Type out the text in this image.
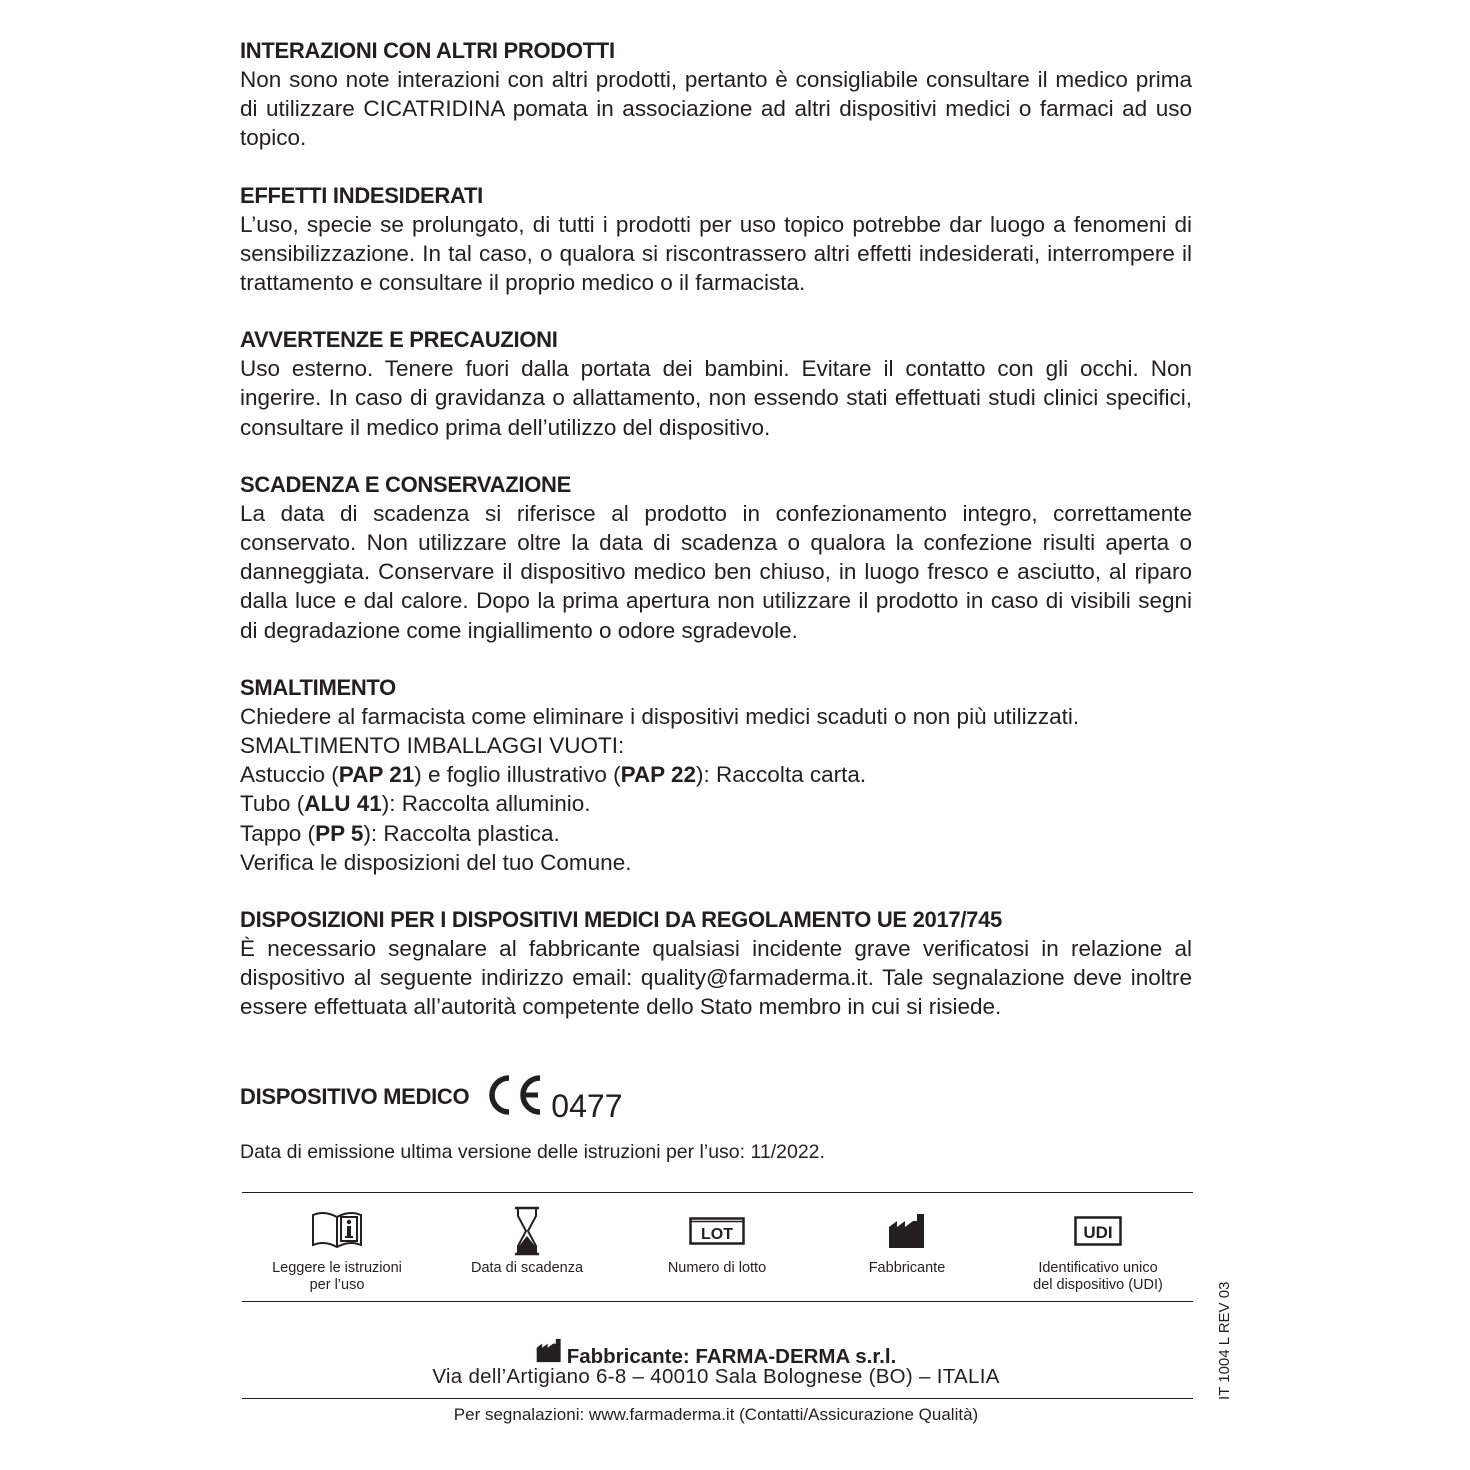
INTERAZIONI CON ALTRI PRODOTTI

Non sono note interazioni con altri prodotti, pertanto è consigliabile consultare il medico prima di utilizzare CICATRIDINA pomata in associazione ad altri dispositivi medici o farmaci ad uso topico.

EFFETTI INDESIDERATI

L’uso, specie se prolungato, di tutti i prodotti per uso topico potrebbe dar luogo a fenomeni di sensibilizzazione. In tal caso, o qualora si riscontrassero altri effetti indesiderati, interrompere il trattamento e consultare il proprio medico o il farmacista.

AVVERTENZE E PRECAUZIONI

Uso esterno. Tenere fuori dalla portata dei bambini. Evitare il contatto con gli occhi. Non ingerire. In caso di gravidanza o allattamento, non essendo stati effettuati studi clinici specifici, consultare il medico prima dell’utilizzo del dispositivo.

SCADENZA E CONSERVAZIONE

La data di scadenza si riferisce al prodotto in confezionamento integro, correttamente conservato. Non utilizzare oltre la data di scadenza o qualora la confezione risulti aperta o danneggiata. Conservare il dispositivo medico ben chiuso, in luogo fresco e asciutto, al riparo dalla luce e dal calore. Dopo la prima apertura non utilizzare il prodotto in caso di visibili segni di degradazione come ingiallimento o odore sgradevole.

SMALTIMENTO

Chiedere al farmacista come eliminare i dispositivi medici scaduti o non più utilizzati.

SMALTIMENTO IMBALLAGGI VUOTI:

Astuccio (PAP 21) e foglio illustrativo (PAP 22): Raccolta carta.

Tubo (ALU 41): Raccolta alluminio.

Tappo (PP 5): Raccolta plastica.

Verifica le disposizioni del tuo Comune.

DISPOSIZIONI PER I DISPOSITIVI MEDICI DA REGOLAMENTO UE 2017/745

È necessario segnalare al fabbricante qualsiasi incidente grave verificatosi in relazione al dispositivo al seguente indirizzo email: quality@farmaderma.it. Tale segnalazione deve inoltre essere effettuata all’autorità competente dello Stato membro in cui si risiede.

DISPOSITIVO MEDICO	0477
Data di emissione ultima versione delle istruzioni per l’uso: 11/2022.
Leggere le istruzioni
per l’uso
Data di scadenza
LOT
Numero di lotto	Fabbricante
UDI
Identificativo unico
del dispositivo (UDI)
Fabbricante: FARMA-DERMA s.r.l.
Via dell’Artigiano 6-8 – 40010 Sala Bolognese (BO) – ITALIA
Per segnalazioni: www.farmaderma.it (Contatti/Assicurazione Qualità)
IT 1004 L REV 03
